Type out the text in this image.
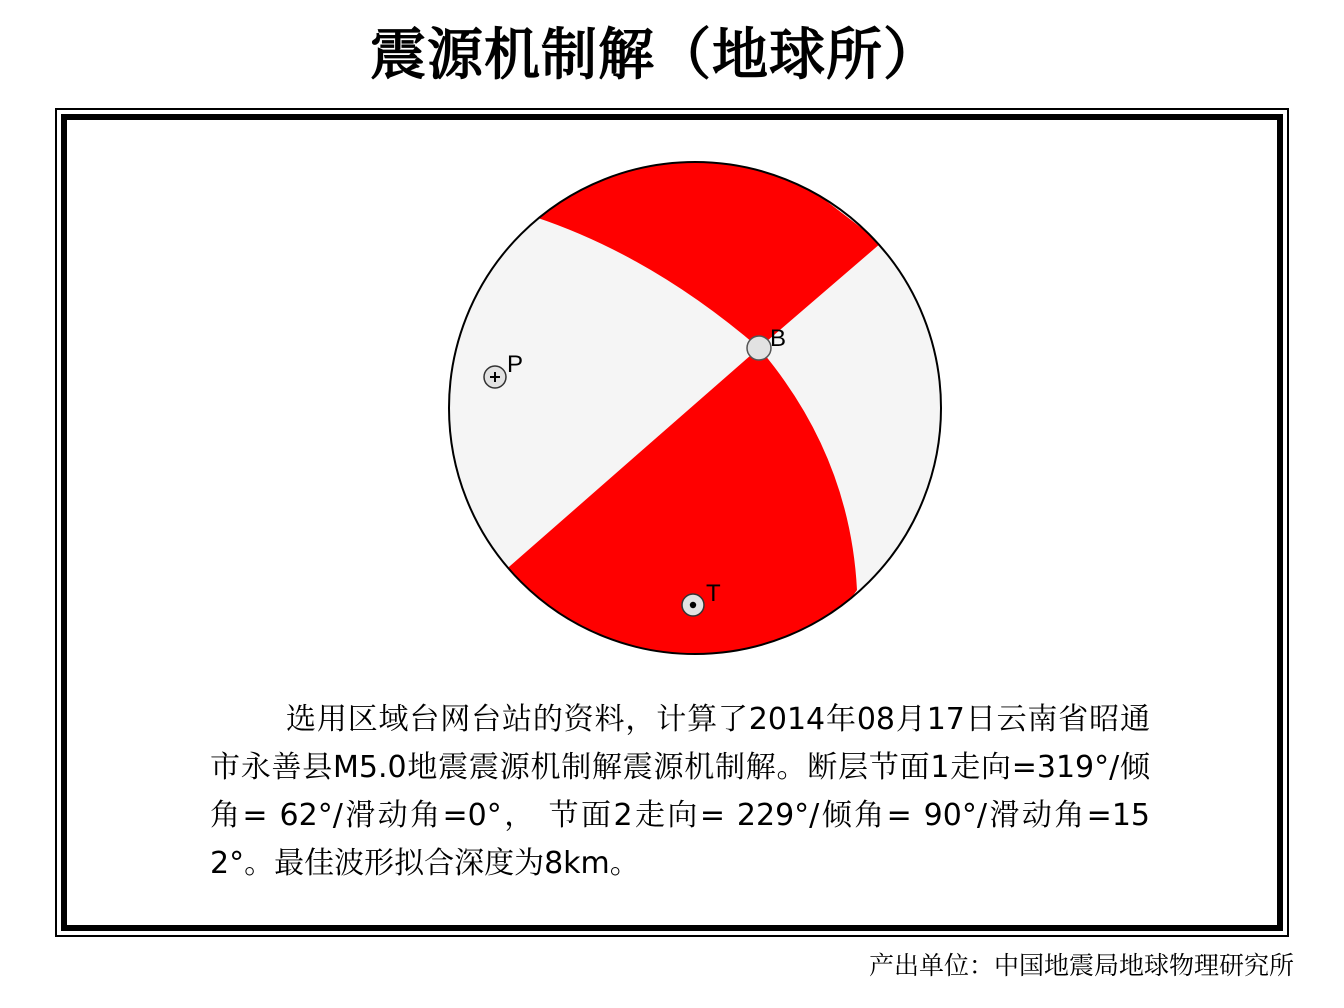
震源机制解（地球所）
B
P
T

选用区域台网台站的资料，计算了2014年08月17日云南省昭通市永善县M5.0地震震源机制解震源机制解。断层节面1走向=319°/倾角= 62°/滑动角=0°， 节面2走向= 229°/倾角= 90°/滑动角=152°。最佳波形拟合深度为8km。

产出单位：中国地震局地球物理研究所
